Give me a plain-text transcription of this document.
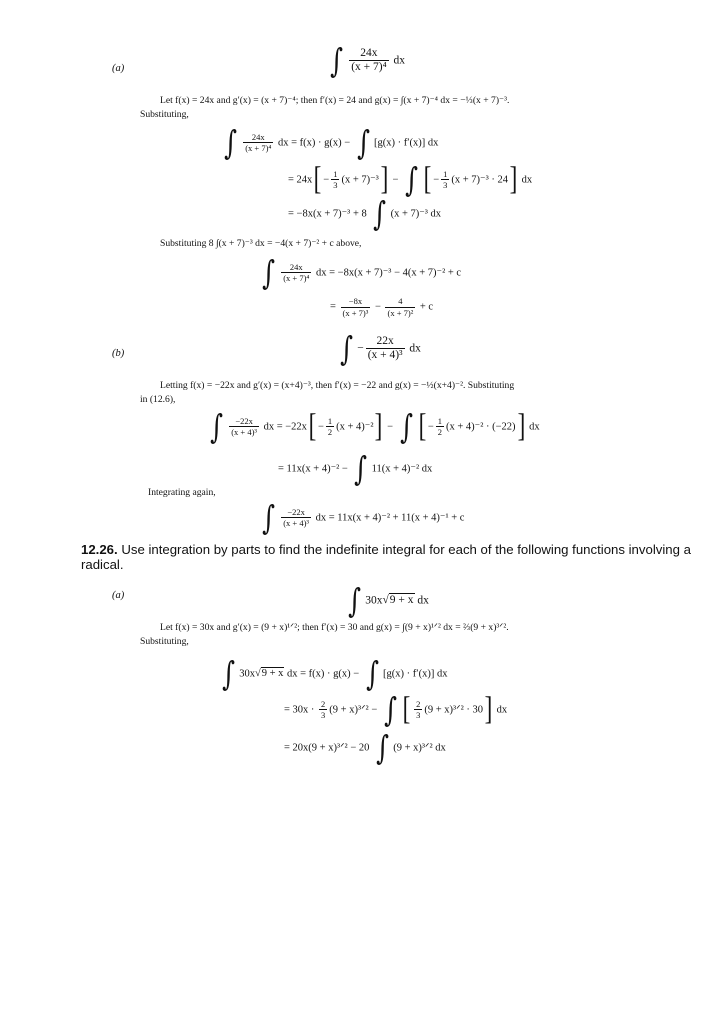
(a)	∫ $\frac{24x}{\text{(x + 7)⁴}}$ dx
Let f(x) = 24x and g′(x) = (x + 7)⁻⁴; then f′(x) = 24 and g(x) = ∫(x + 7)⁻⁴ dx = −⅓(x + 7)⁻³.
Substituting,
∫ $\frac{24x}{\text{(x + 7)⁴}}$ dx = f(x) · g(x) − ∫ [g(x) · f′(x)] dx
= $24x[ - \frac{1}{3} (x + 7)^{-3}]$ − ∫ [ − $\frac{1}{3} (x + 7)^{-3} \cdot 24$] dx
= −8x(x + 7)⁻³ + 8 ∫ (x + 7)⁻³ dx
Substituting 8 ∫(x + 7)⁻³ dx = −4(x + 7)⁻² + c above,
∫ $\frac{24x}{\text{(x + 7)⁴}}$ dx = −8x(x + 7)⁻³ − 4(x + 7)⁻² + c
= $\frac{-8x}{\text{(x + 7)³}} - \frac{4}{\text{(x + 7)²}} + c$
(b)	∫ − $\frac{22x}{\text{(x + 4)³}}$ dx
Letting f(x) = −22x and g′(x) = (x+4)⁻³, then f′(x) = −22 and g(x) = −½(x+4)⁻². Substituting
in (12.6),
∫ $\frac{-22x}{\text{(x + 4)³}}$ dx = $-22x[ - \frac{1}{2} (x + 4)^{-2}]$ − ∫ [ − $\frac{1}{2} (x + 4)^{-2} \cdot (-22)$] dx
= 11x(x + 4)⁻² − ∫ 11(x + 4)⁻² dx
Integrating again,
∫ $\frac{-22x}{\text{(x + 4)³}}$ dx = 11x(x + 4)⁻² + 11(x + 4)⁻¹ + c
12.26. Use integration by parts to find the indefinite integral for each of the following functions involving a
radical.
(a)	∫ 30x√9 + x dx
Let f(x) = 30x and g′(x) = (9 + x)¹ᐟ²; then f′(x) = 30 and g(x) = ∫(9 + x)¹ᐟ² dx = ⅔(9 + x)³ᐟ².
Substituting,
∫ 30x√9 + x dx = f(x) · g(x) − ∫ [g(x) · f′(x)] dx
= $30x \cdot \frac{2}{3} (9$ + x)³ᐟ² − ∫ [ $\frac{2}{3} (9$ + x)³ᐟ² · 30] dx
= 20x(9 + x)³ᐟ² − 20 ∫ (9 + x)³ᐟ² dx
